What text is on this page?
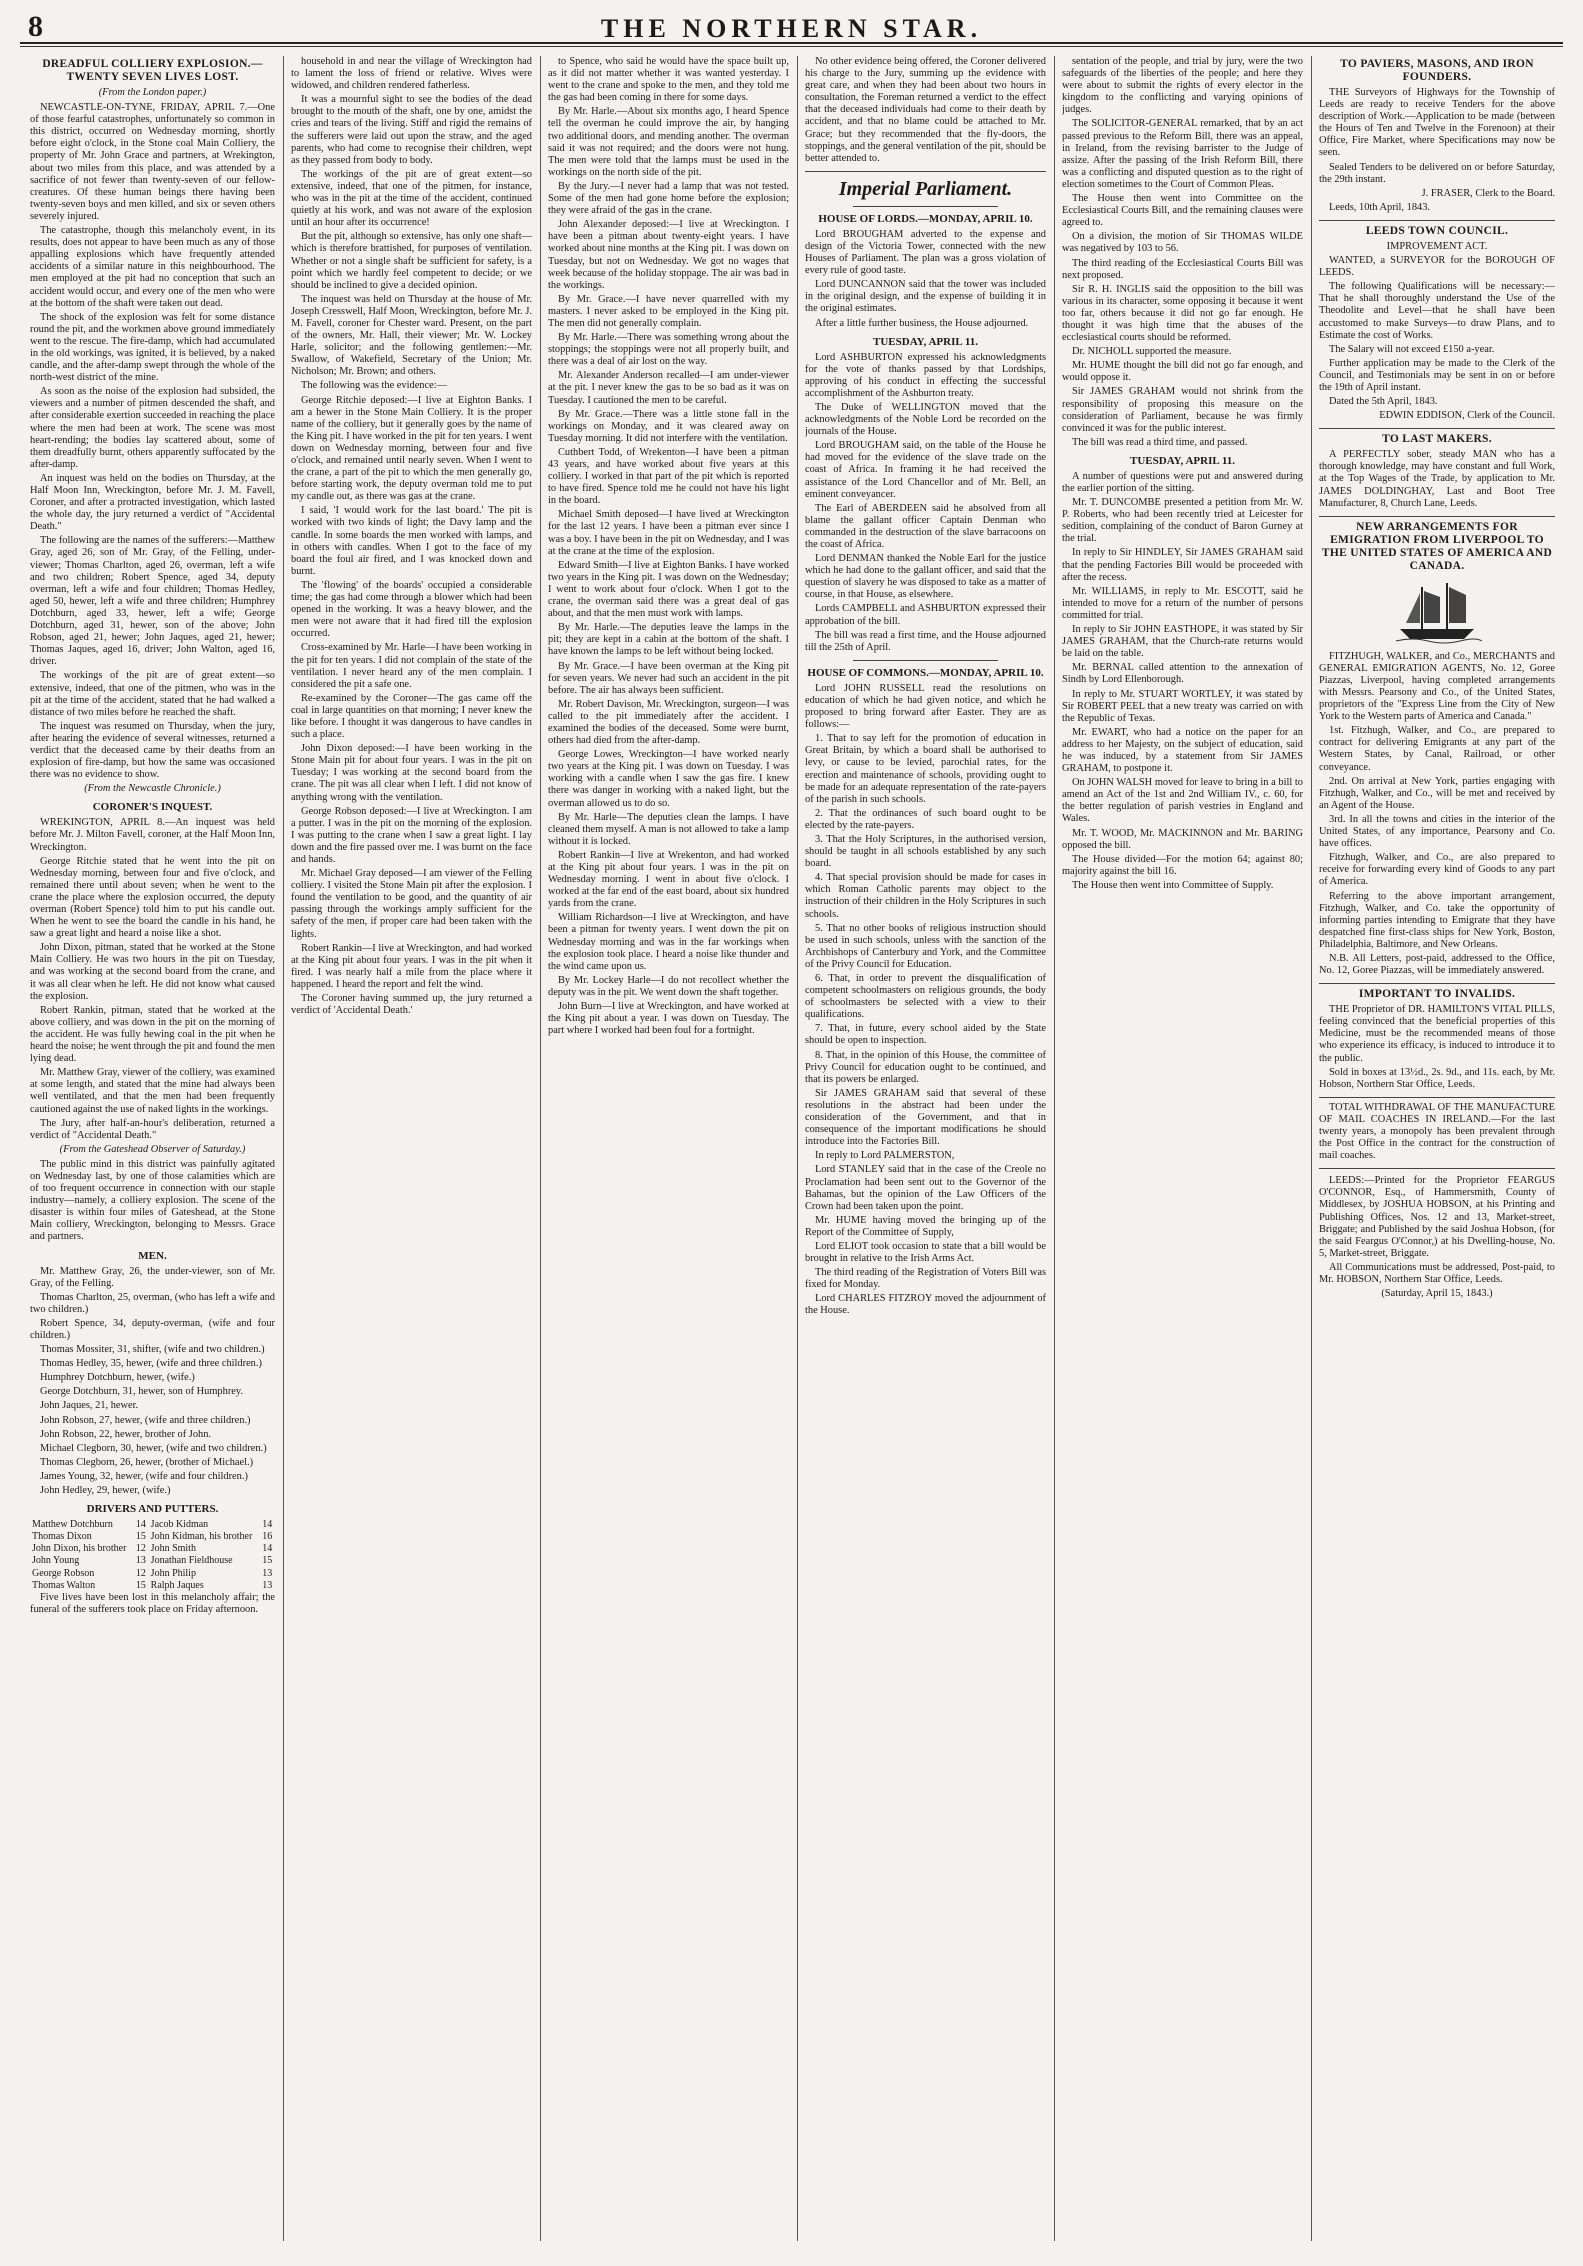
8	THE NORTHERN STAR.
DREADFUL COLLIERY EXPLOSION.—TWENTY SEVEN LIVES LOST.
(From the London paper.)

NEWCASTLE-ON-TYNE, FRIDAY, APRIL 7.—One of those fearful catastrophes, unfortunately so common in this district, occurred on Wednesday morning, shortly before eight o'clock, in the Stone coal Main Colliery, the property of Mr. John Grace and partners, at Wrekington, about two miles from this place, and was attended by a sacrifice of not fewer than twenty-seven of our fellow-creatures. Of these human beings there having been twenty-seven boys and men killed, and six or seven others severely injured.

The catastrophe, though this melancholy event, in its results, does not appear to have been much as any of those appalling explosions which have frequently attended accidents of a similar nature in this neighbourhood. The men employed at the pit had no conception that such an accident would occur, and every one of the men who were at the bottom of the shaft were taken out dead.

The shock of the explosion was felt for some distance round the pit, and the workmen above ground immediately went to the rescue. The fire-damp, which had accumulated in the old workings, was ignited, it is believed, by a naked candle, and the after-damp swept through the whole of the north-west district of the mine.

As soon as the noise of the explosion had subsided, the viewers and a number of pitmen descended the shaft, and after considerable exertion succeeded in reaching the place where the men had been at work. The scene was most heart-rending; the bodies lay scattered about, some of them dreadfully burnt, others apparently suffocated by the after-damp.

An inquest was held on the bodies on Thursday, at the Half Moon Inn, Wreckington, before Mr. J. M. Favell, Coroner, and after a protracted investigation, which lasted the whole day, the jury returned a verdict of "Accidental Death."

The following are the names of the sufferers:—Matthew Gray, aged 26, son of Mr. Gray, of the Felling, under-viewer; Thomas Charlton, aged 26, overman, left a wife and two children; Robert Spence, aged 34, deputy overman, left a wife and four children; Thomas Hedley, aged 50, hewer, left a wife and three children; Humphrey Dotchburn, aged 33, hewer, left a wife; George Dotchburn, aged 31, hewer, son of the above; John Robson, aged 21, hewer; John Jaques, aged 21, hewer; Thomas Jaques, aged 16, driver; John Walton, aged 16, driver.

The workings of the pit are of great extent—so extensive, indeed, that one of the pitmen, who was in the pit at the time of the accident, stated that he had walked a distance of two miles before he reached the shaft.

The inquest was resumed on Thursday, when the jury, after hearing the evidence of several witnesses, returned a verdict that the deceased came by their deaths from an explosion of fire-damp, but how the same was occasioned there was no evidence to show.

(From the Newcastle Chronicle.)
CORONER'S INQUEST.

WREKINGTON, APRIL 8.—An inquest was held before Mr. J. Milton Favell, coroner, at the Half Moon Inn, Wreckington.

George Ritchie stated that he went into the pit on Wednesday morning, between four and five o'clock, and remained there until about seven; when he went to the crane the place where the explosion occurred, the deputy overman (Robert Spence) told him to put his candle out. When he went to see the board the candle in his hand, he saw a great light and heard a noise like a shot.

John Dixon, pitman, stated that he worked at the Stone Main Colliery. He was two hours in the pit on Tuesday, and was working at the second board from the crane, and it was all clear when he left. He did not know what caused the explosion.

Robert Rankin, pitman, stated that he worked at the above colliery, and was down in the pit on the morning of the accident. He was fully hewing coal in the pit when he heard the noise; he went through the pit and found the men lying dead.

Mr. Matthew Gray, viewer of the colliery, was examined at some length, and stated that the mine had always been well ventilated, and that the men had been frequently cautioned against the use of naked lights in the workings.

The Jury, after half-an-hour's deliberation, returned a verdict of "Accidental Death."

(From the Gateshead Observer of Saturday.)

The public mind in this district was painfully agitated on Wednesday last, by one of those calamities which are of too frequent occurrence in connection with our staple industry—namely, a colliery explosion. The scene of the disaster is within four miles of Gateshead, at the Stone Main colliery, Wreckington, belonging to Messrs. Grace and partners.

MEN.

Mr. Matthew Gray, 26, the under-viewer, son of Mr. Gray, of the Felling.

Thomas Charlton, 25, overman, (who has left a wife and two children.)

Robert Spence, 34, deputy-overman, (wife and four children.)

Thomas Mossiter, 31, shifter, (wife and two children.)

Thomas Hedley, 35, hewer, (wife and three children.)

Humphrey Dotchburn, hewer, (wife.)

George Dotchburn, 31, hewer, son of Humphrey.

John Jaques, 21, hewer.

John Robson, 27, hewer, (wife and three children.)

John Robson, 22, hewer, brother of John.

Michael Clegborn, 30, hewer, (wife and two children.)

Thomas Clegborn, 26, hewer, (brother of Michael.)

James Young, 32, hewer, (wife and four children.)

John Hedley, 29, hewer, (wife.)

DRIVERS AND PUTTERS.
Matthew Dotchburn	14	Jacob Kidman	14
Thomas Dixon	15	John Kidman, his brother	16
John Dixon, his brother	12	John Smith	14
John Young	13	Jonathan Fieldhouse	15
George Robson	12	John Philip	13
Thomas Walton	15	Ralph Jaques	13

Five lives have been lost in this melancholy affair; the funeral of the sufferers took place on Friday afternoon.

household in and near the village of Wreckington had to lament the loss of friend or relative. Wives were widowed, and children rendered fatherless.

It was a mournful sight to see the bodies of the dead brought to the mouth of the shaft, one by one, amidst the cries and tears of the living. Stiff and rigid the remains of the sufferers were laid out upon the straw, and the aged parents, who had come to recognise their children, wept as they passed from body to body.

The workings of the pit are of great extent—so extensive, indeed, that one of the pitmen, for instance, who was in the pit at the time of the accident, continued quietly at his work, and was not aware of the explosion until an hour after its occurrence!

But the pit, although so extensive, has only one shaft—which is therefore brattished, for purposes of ventilation. Whether or not a single shaft be sufficient for safety, is a point which we hardly feel competent to decide; or we should be inclined to give a decided opinion.

The inquest was held on Thursday at the house of Mr. Joseph Cresswell, Half Moon, Wreckington, before Mr. J. M. Favell, coroner for Chester ward. Present, on the part of the owners, Mr. Hall, their viewer; Mr. W. Lockey Harle, solicitor; and the following gentlemen:—Mr. Swallow, of Wakefield, Secretary of the Union; Mr. Nicholson; Mr. Brown; and others.

The following was the evidence:—

George Ritchie deposed:—I live at Eighton Banks. I am a hewer in the Stone Main Colliery. It is the proper name of the colliery, but it generally goes by the name of the King pit. I have worked in the pit for ten years. I went down on Wednesday morning, between four and five o'clock, and remained until nearly seven. When I went to the crane, a part of the pit to which the men generally go, before starting work, the deputy overman told me to put my candle out, as there was gas at the crane.

I said, 'I would work for the last board.' The pit is worked with two kinds of light; the Davy lamp and the candle. In some boards the men worked with lamps, and in others with candles. When I got to the face of my board the foul air fired, and I was knocked down and burnt.

The 'flowing' of the boards' occupied a considerable time; the gas had come through a blower which had been opened in the working. It was a heavy blower, and the men were not aware that it had fired till the explosion occurred.

Cross-examined by Mr. Harle—I have been working in the pit for ten years. I did not complain of the state of the ventilation. I never heard any of the men complain. I considered the pit a safe one.

Re-examined by the Coroner—The gas came off the coal in large quantities on that morning; I never knew the like before. I thought it was dangerous to have candles in such a place.

John Dixon deposed:—I have been working in the Stone Main pit for about four years. I was in the pit on Tuesday; I was working at the second board from the crane. The pit was all clear when I left. I did not know of anything wrong with the ventilation.

George Robson deposed:—I live at Wreckington. I am a putter. I was in the pit on the morning of the explosion. I was putting to the crane when I saw a great light. I lay down and the fire passed over me. I was burnt on the face and hands.

Mr. Michael Gray deposed—I am viewer of the Felling colliery. I visited the Stone Main pit after the explosion. I found the ventilation to be good, and the quantity of air passing through the workings amply sufficient for the safety of the men, if proper care had been taken with the lights.

Robert Rankin—I live at Wreckington, and had worked at the King pit about four years. I was in the pit when it fired. I was nearly half a mile from the place where it happened. I heard the report and felt the wind.

The Coroner having summed up, the jury returned a verdict of 'Accidental Death.'

to Spence, who said he would have the space built up, as it did not matter whether it was wanted yesterday. I went to the crane and spoke to the men, and they told me the gas had been coming in there for some days.

By Mr. Harle.—About six months ago, I heard Spence tell the overman he could improve the air, by hanging two additional doors, and mending another. The overman said it was not required; and the doors were not hung. The men were told that the lamps must be used in the workings on the north side of the pit.

By the Jury.—I never had a lamp that was not tested. Some of the men had gone home before the explosion; they were afraid of the gas in the crane.

John Alexander deposed:—I live at Wreckington. I have been a pitman about twenty-eight years. I have worked about nine months at the King pit. I was down on Tuesday, but not on Wednesday. We got no wages that week because of the holiday stoppage. The air was bad in the workings.

By Mr. Grace.—I have never quarrelled with my masters. I never asked to be employed in the King pit. The men did not generally complain.

By Mr. Harle.—There was something wrong about the stoppings; the stoppings were not all properly built, and there was a deal of air lost on the way.

Mr. Alexander Anderson recalled—I am under-viewer at the pit. I never knew the gas to be so bad as it was on Tuesday. I cautioned the men to be careful.

By Mr. Grace.—There was a little stone fall in the workings on Monday, and it was cleared away on Tuesday morning. It did not interfere with the ventilation.

Cuthbert Todd, of Wrekenton—I have been a pitman 43 years, and have worked about five years at this colliery. I worked in that part of the pit which is reported to have fired. Spence told me he could not have his light in the board.

Michael Smith deposed—I have lived at Wreckington for the last 12 years. I have been a pitman ever since I was a boy. I have been in the pit on Wednesday, and I was at the crane at the time of the explosion.

Edward Smith—I live at Eighton Banks. I have worked two years in the King pit. I was down on the Wednesday; I went to work about four o'clock. When I got to the crane, the overman said there was a great deal of gas about, and that the men must work with lamps.

By Mr. Harle.—The deputies leave the lamps in the pit; they are kept in a cabin at the bottom of the shaft. I have known the lamps to be left without being locked.

By Mr. Grace.—I have been overman at the King pit for seven years. We never had such an accident in the pit before. The air has always been sufficient.

Mr. Robert Davison, Mr. Wreckington, surgeon—I was called to the pit immediately after the accident. I examined the bodies of the deceased. Some were burnt, others had died from the after-damp.

George Lowes, Wreckington—I have worked nearly two years at the King pit. I was down on Tuesday. I was working with a candle when I saw the gas fire. I knew there was danger in working with a naked light, but the overman allowed us to do so.

By Mr. Harle—The deputies clean the lamps. I have cleaned them myself. A man is not allowed to take a lamp without it is locked.

Robert Rankin—I live at Wrekenton, and had worked at the King pit about four years. I was in the pit on Wednesday morning. I went in about five o'clock. I worked at the far end of the east board, about six hundred yards from the crane.

William Richardson—I live at Wreckington, and have been a pitman for twenty years. I went down the pit on Wednesday morning and was in the far workings when the explosion took place. I heard a noise like thunder and the wind came upon us.

By Mr. Lockey Harle—I do not recollect whether the deputy was in the pit. We went down the shaft together.

John Burn—I live at Wreckington, and have worked at the King pit about a year. I was down on Tuesday. The part where I worked had been foul for a fortnight.

No other evidence being offered, the Coroner delivered his charge to the Jury, summing up the evidence with great care, and when they had been about two hours in consultation, the Foreman returned a verdict to the effect that the deceased individuals had come to their death by accident, and that no blame could be attached to Mr. Grace; but they recommended that the fly-doors, the stoppings, and the general ventilation of the pit, should be better attended to.

Imperial Parliament.
HOUSE OF LORDS.—MONDAY, APRIL 10.

Lord BROUGHAM adverted to the expense and design of the Victoria Tower, connected with the new Houses of Parliament. The plan was a gross violation of every rule of good taste.

Lord DUNCANNON said that the tower was included in the original design, and the expense of building it in the original estimates.

After a little further business, the House adjourned.

TUESDAY, APRIL 11.

Lord ASHBURTON expressed his acknowledgments for the vote of thanks passed by that Lordships, approving of his conduct in effecting the successful accomplishment of the Ashburton treaty.

The Duke of WELLINGTON moved that the acknowledgments of the Noble Lord be recorded on the journals of the House.

Lord BROUGHAM said, on the table of the House he had moved for the evidence of the slave trade on the coast of Africa. In framing it he had received the assistance of the Lord Chancellor and of Mr. Bell, an eminent conveyancer.

The Earl of ABERDEEN said he absolved from all blame the gallant officer Captain Denman who commanded in the destruction of the slave barracoons on the coast of Africa.

Lord DENMAN thanked the Noble Earl for the justice which he had done to the gallant officer, and said that the question of slavery he was disposed to take as a matter of course, in that House, as elsewhere.

Lords CAMPBELL and ASHBURTON expressed their approbation of the bill.

The bill was read a first time, and the House adjourned till the 25th of April.

HOUSE OF COMMONS.—MONDAY, APRIL 10.

Lord JOHN RUSSELL read the resolutions on education of which he had given notice, and which he proposed to bring forward after Easter. They are as follows:—

1. That to say left for the promotion of education in Great Britain, by which a board shall be authorised to levy, or cause to be levied, parochial rates, for the erection and maintenance of schools, providing ought to be made for an adequate representation of the rate-payers of the parish in such schools.

2. That the ordinances of such board ought to be elected by the rate-payers.

3. That the Holy Scriptures, in the authorised version, should be taught in all schools established by any such board.

4. That special provision should be made for cases in which Roman Catholic parents may object to the instruction of their children in the Holy Scriptures in such schools.

5. That no other books of religious instruction should be used in such schools, unless with the sanction of the Archbishops of Canterbury and York, and the Committee of the Privy Council for Education.

6. That, in order to prevent the disqualification of competent schoolmasters on religious grounds, the body of schoolmasters be selected with a view to their qualifications.

7. That, in future, every school aided by the State should be open to inspection.

8. That, in the opinion of this House, the committee of Privy Council for education ought to be continued, and that its powers be enlarged.

Sir JAMES GRAHAM said that several of these resolutions in the abstract had been under the consideration of the Government, and that in consequence of the important modifications he should introduce into the Factories Bill.

In reply to Lord PALMERSTON,

Lord STANLEY said that in the case of the Creole no Proclamation had been sent out to the Governor of the Bahamas, but the opinion of the Law Officers of the Crown had been taken upon the point.

Mr. HUME having moved the bringing up of the Report of the Committee of Supply,

Lord ELIOT took occasion to state that a bill would be brought in relative to the Irish Arms Act.

The third reading of the Registration of Voters Bill was fixed for Monday.

Lord CHARLES FITZROY moved the adjournment of the House.

sentation of the people, and trial by jury, were the two safeguards of the liberties of the people; and here they were about to submit the rights of every elector in the kingdom to the conflicting and varying opinions of judges.

The SOLICITOR-GENERAL remarked, that by an act passed previous to the Reform Bill, there was an appeal, in Ireland, from the revising barrister to the Judge of assize. After the passing of the Irish Reform Bill, there was a conflicting and disputed question as to the right of election sometimes to the Court of Common Pleas.

The House then went into Committee on the Ecclesiastical Courts Bill, and the remaining clauses were agreed to.

On a division, the motion of Sir THOMAS WILDE was negatived by 103 to 56.

The third reading of the Ecclesiastical Courts Bill was next proposed.

Sir R. H. INGLIS said the opposition to the bill was various in its character, some opposing it because it went too far, others because it did not go far enough. He thought it was high time that the abuses of the ecclesiastical courts should be reformed.

Dr. NICHOLL supported the measure.

Mr. HUME thought the bill did not go far enough, and would oppose it.

Sir JAMES GRAHAM would not shrink from the responsibility of proposing this measure on the consideration of Parliament, because he was firmly convinced it was for the public interest.

The bill was read a third time, and passed.

TUESDAY, APRIL 11.

A number of questions were put and answered during the earlier portion of the sitting.

Mr. T. DUNCOMBE presented a petition from Mr. W. P. Roberts, who had been recently tried at Leicester for sedition, complaining of the conduct of Baron Gurney at the trial.

In reply to Sir HINDLEY, Sir JAMES GRAHAM said that the pending Factories Bill would be proceeded with after the recess.

Mr. WILLIAMS, in reply to Mr. ESCOTT, said he intended to move for a return of the number of persons committed for trial.

In reply to Sir JOHN EASTHOPE, it was stated by Sir JAMES GRAHAM, that the Church-rate returns would be laid on the table.

Mr. BERNAL called attention to the annexation of Sindh by Lord Ellenborough.

In reply to Mr. STUART WORTLEY, it was stated by Sir ROBERT PEEL that a new treaty was carried on with the Republic of Texas.

Mr. EWART, who had a notice on the paper for an address to her Majesty, on the subject of education, said he was induced, by a statement from Sir JAMES GRAHAM, to postpone it.

On JOHN WALSH moved for leave to bring in a bill to amend an Act of the 1st and 2nd William IV., c. 60, for the better regulation of parish vestries in England and Wales.

Mr. T. WOOD, Mr. MACKINNON and Mr. BARING opposed the bill.

The House divided—For the motion 64; against 80; majority against the bill 16.

The House then went into Committee of Supply.

TO PAVIERS, MASONS, AND IRON FOUNDERS.

THE Surveyors of Highways for the Township of Leeds are ready to receive Tenders for the above description of Work.—Application to be made (between the Hours of Ten and Twelve in the Forenoon) at their Office, Fire Market, where Specifications may now be seen.

Sealed Tenders to be delivered on or before Saturday, the 29th instant.

J. FRASER, Clerk to the Board.

Leeds, 10th April, 1843.

LEEDS TOWN COUNCIL.

IMPROVEMENT ACT.

WANTED, a SURVEYOR for the BOROUGH OF LEEDS.

The following Qualifications will be necessary:— That he shall thoroughly understand the Use of the Theodolite and Level—that he shall have been accustomed to make Surveys—to draw Plans, and to Estimate the cost of Works.

The Salary will not exceed £150 a-year.

Further application may be made to the Clerk of the Council, and Testimonials may be sent in on or before the 19th of April instant.

Dated the 5th April, 1843.

EDWIN EDDISON, Clerk of the Council.

TO LAST MAKERS.

A PERFECTLY sober, steady MAN who has a thorough knowledge, may have constant and full Work, at the Top Wages of the Trade, by application to Mr. JAMES DOLDINGHAY, Last and Boot Tree Manufacturer, 8, Church Lane, Leeds.

NEW ARRANGEMENTS FOR EMIGRATION FROM LIVERPOOL TO THE UNITED STATES OF AMERICA AND CANADA.

FITZHUGH, WALKER, and Co., MERCHANTS and GENERAL EMIGRATION AGENTS, No. 12, Goree Piazzas, Liverpool, having completed arrangements with Messrs. Pearsony and Co., of the United States, proprietors of the "Express Line from the City of New York to the Western parts of America and Canada."

1st. Fitzhugh, Walker, and Co., are prepared to contract for delivering Emigrants at any part of the Western States, by Canal, Railroad, or other conveyance.

2nd. On arrival at New York, parties engaging with Fitzhugh, Walker, and Co., will be met and received by an Agent of the House.

3rd. In all the towns and cities in the interior of the United States, of any importance, Pearsony and Co. have offices.

Fitzhugh, Walker, and Co., are also prepared to receive for forwarding every kind of Goods to any part of America.

Referring to the above important arrangement, Fitzhugh, Walker, and Co. take the opportunity of informing parties intending to Emigrate that they have despatched fine first-class ships for New York, Boston, Philadelphia, Baltimore, and New Orleans.

N.B. All Letters, post-paid, addressed to the Office, No. 12, Goree Piazzas, will be immediately answered.

IMPORTANT TO INVALIDS.

THE Proprietor of DR. HAMILTON'S VITAL PILLS, feeling convinced that the beneficial properties of this Medicine, must be the recommended means of those who experience its efficacy, is induced to introduce it to the public.

Sold in boxes at 13½d., 2s. 9d., and 11s. each, by Mr. Hobson, Northern Star Office, Leeds.

TOTAL WITHDRAWAL OF THE MANUFACTURE OF MAIL COACHES IN IRELAND.—For the last twenty years, a monopoly has been prevalent through the Post Office in the contract for the construction of mail coaches.

LEEDS:—Printed for the Proprietor FEARGUS O'CONNOR, Esq., of Hammersmith, County of Middlesex, by JOSHUA HOBSON, at his Printing and Publishing Offices, Nos. 12 and 13, Market-street, Briggate; and Published by the said Joshua Hobson, (for the said Feargus O'Connor,) at his Dwelling-house, No. 5, Market-street, Briggate.

All Communications must be addressed, Post-paid, to Mr. HOBSON, Northern Star Office, Leeds.

(Saturday, April 15, 1843.)
